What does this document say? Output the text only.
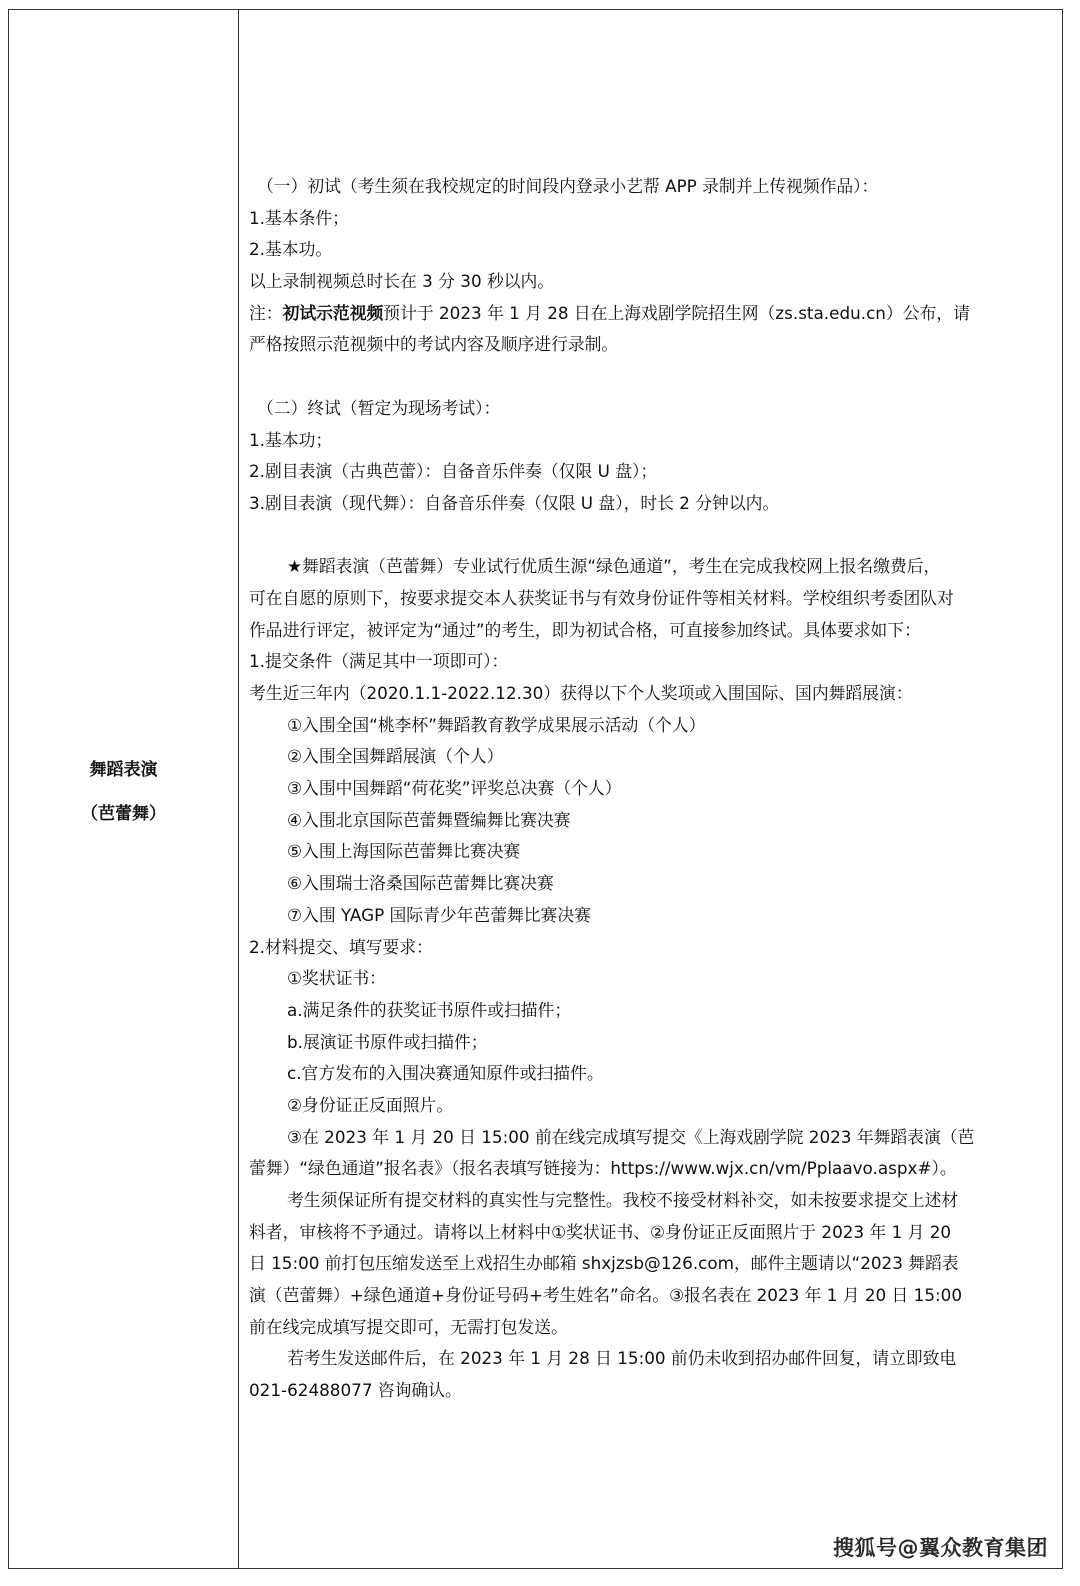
舞蹈表演
（芭蕾舞）
（一）初试（考生须在我校规定的时间段内登录小艺帮 APP 录制并上传视频作品）：
1.基本条件；
2.基本功。
以上录制视频总时长在 3 分 30 秒以内。
注：初试示范视频预计于 2023 年 1 月 28 日在上海戏剧学院招生网（zs.sta.edu.cn）公布，请
严格按照示范视频中的考试内容及顺序进行录制。
（二）终试（暂定为现场考试）：
1.基本功；
2.剧目表演（古典芭蕾）：自备音乐伴奏（仅限 U 盘）；
3.剧目表演（现代舞）：自备音乐伴奏（仅限 U 盘），时长 2 分钟以内。
★舞蹈表演（芭蕾舞）专业试行优质生源“绿色通道”，考生在完成我校网上报名缴费后，
可在自愿的原则下，按要求提交本人获奖证书与有效身份证件等相关材料。学校组织考委团队对
作品进行评定，被评定为“通过”的考生，即为初试合格，可直接参加终试。具体要求如下：
1.提交条件（满足其中一项即可）：
考生近三年内（2020.1.1-2022.12.30）获得以下个人奖项或入围国际、国内舞蹈展演：
①入围全国“桃李杯”舞蹈教育教学成果展示活动（个人）
②入围全国舞蹈展演（个人）
③入围中国舞蹈“荷花奖”评奖总决赛（个人）
④入围北京国际芭蕾舞暨编舞比赛决赛
⑤入围上海国际芭蕾舞比赛决赛
⑥入围瑞士洛桑国际芭蕾舞比赛决赛
⑦入围 YAGP 国际青少年芭蕾舞比赛决赛
2.材料提交、填写要求：
①奖状证书：
a.满足条件的获奖证书原件或扫描件；
b.展演证书原件或扫描件；
c.官方发布的入围决赛通知原件或扫描件。
②身份证正反面照片。
③在 2023 年 1 月 20 日 15:00 前在线完成填写提交《上海戏剧学院 2023 年舞蹈表演（芭
蕾舞）“绿色通道”报名表》（报名表填写链接为：https://www.wjx.cn/vm/Pplaavo.aspx#）。
考生须保证所有提交材料的真实性与完整性。我校不接受材料补交，如未按要求提交上述材
料者，审核将不予通过。请将以上材料中①奖状证书、②身份证正反面照片于 2023 年 1 月 20
日 15:00 前打包压缩发送至上戏招生办邮箱 shxjzsb@126.com，邮件主题请以“2023 舞蹈表
演（芭蕾舞）+绿色通道+身份证号码+考生姓名”命名。③报名表在 2023 年 1 月 20 日 15:00
前在线完成填写提交即可，无需打包发送。
若考生发送邮件后，在 2023 年 1 月 28 日 15:00 前仍未收到招办邮件回复，请立即致电
021-62488077 咨询确认。
搜狐号@翼众教育集团
